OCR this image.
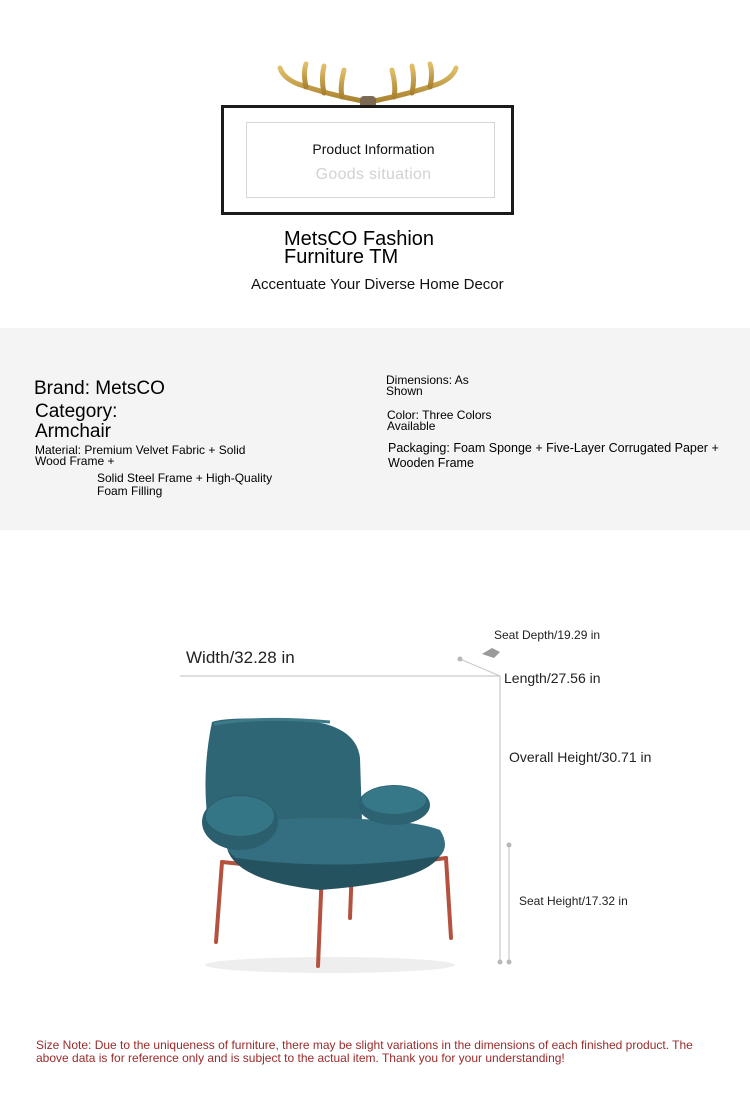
Product Information
Goods situation
MetsCO Fashion Furniture TM
Accentuate Your Diverse Home Decor
Brand: MetsCO
Category: Armchair
Material: Premium Velvet Fabric + Solid Wood Frame +
Solid Steel Frame + High-Quality Foam Filling
Dimensions: As Shown
Color: Three Colors Available
Packaging: Foam Sponge + Five-Layer Corrugated Paper + Wooden Frame
Width/32.28 in
Seat Depth/19.29 in
Length/27.56 in
Overall Height/30.71 in
Seat Height/17.32 in
Size Note: Due to the uniqueness of furniture, there may be slight variations in the dimensions of each finished product. The above data is for reference only and is subject to the actual item. Thank you for your understanding!
